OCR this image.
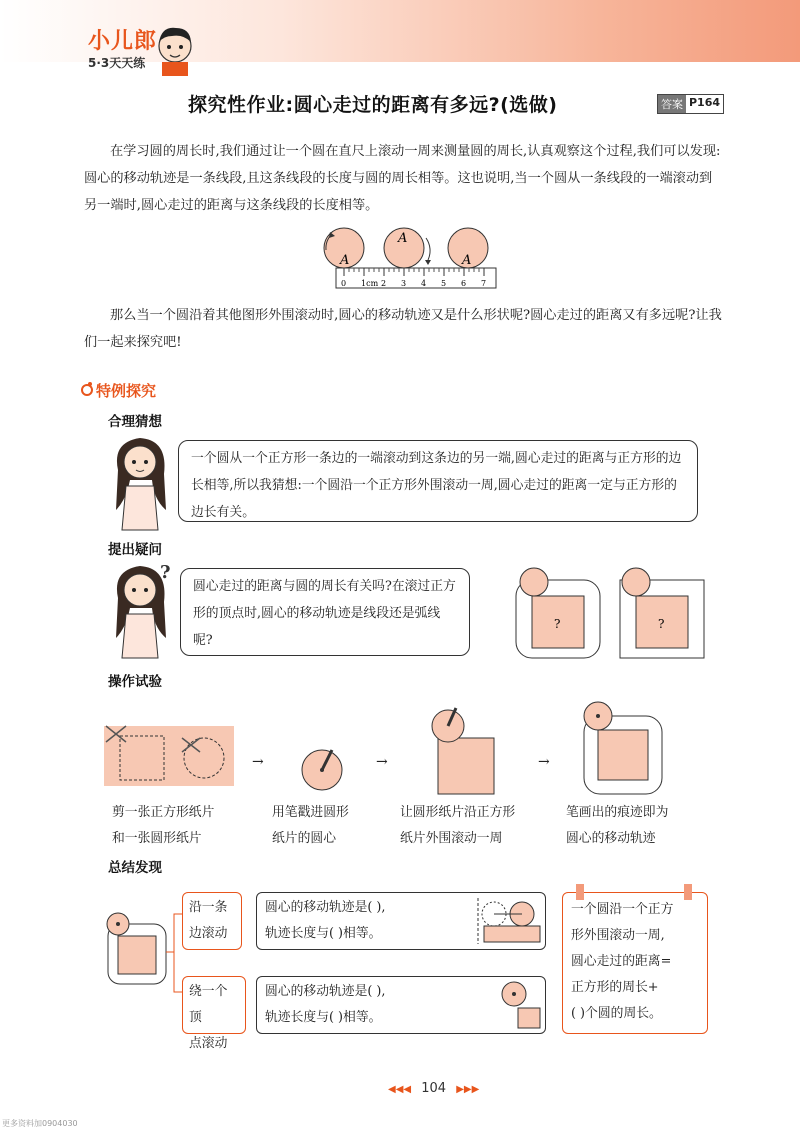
小儿郎
5·3天天练
探究性作业:圆心走过的距离有多远?(选做)	答案 P164
在学习圆的周长时,我们通过让一个圆在直尺上滚动一周来测量圆的周长,认真观察这个过程,我们可以发现:圆心的移动轨迹是一条线段,且这条线段的长度与圆的周长相等。这也说明,当一个圆从一条线段的一端滚动到另一端时,圆心走过的距离与这条线段的长度相等。
A
A
A
0 1cm 2 3 4 5 6 7
那么当一个圆沿着其他图形外围滚动时,圆心的移动轨迹又是什么形状呢?圆心走过的距离又有多远呢?让我们一起来探究吧!
特例探究
合理猜想
一个圆从一个正方形一条边的一端滚动到这条边的另一端,圆心走过的距离与正方形的边长相等,所以我猜想:一个圆沿一个正方形外围滚动一周,圆心走过的距离一定与正方形的边长有关。
提出疑问
?
圆心走过的距离与圆的周长有关吗?在滚过正方形的顶点时,圆心的移动轨迹是线段还是弧线呢?
?	?
操作试验
→	→	→
剪一张正方形纸片
和一张圆形纸片
用笔戳进圆形
纸片的圆心
让圆形纸片沿正方形
纸片外围滚动一周
笔画出的痕迹即为
圆心的移动轨迹
总结发现
沿一条
边滚动
绕一个顶
点滚动
圆心的移动轨迹是( ),
轨迹长度与( )相等。
圆心的移动轨迹是( ),
轨迹长度与( )相等。
一个圆沿一个正方
形外围滚动一周,
圆心走过的距离=
正方形的周长+
( )个圆的周长。
◀◀◀ 104 ▶▶▶
更多资料加0904030
